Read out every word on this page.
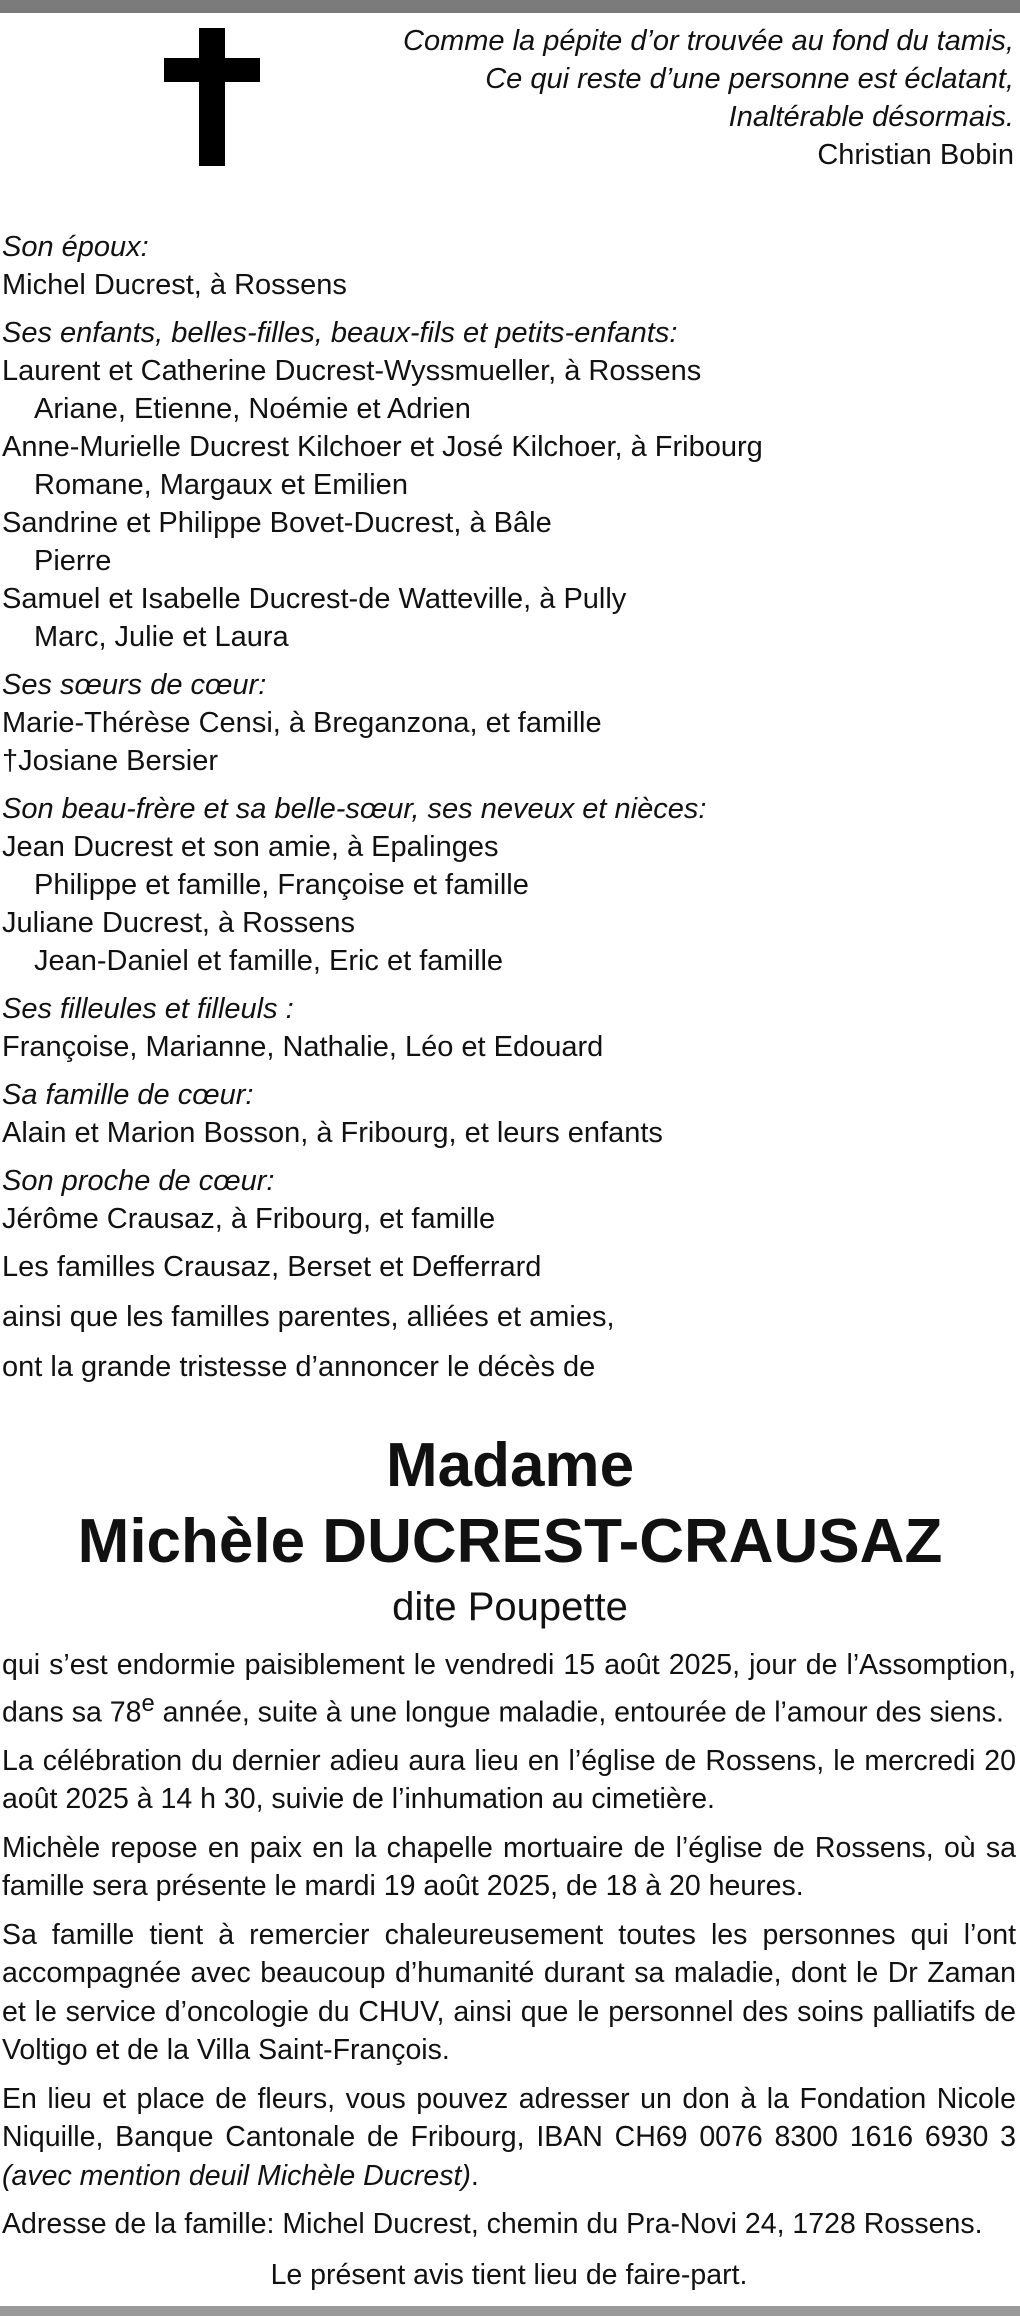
Comme la pépite d’or trouvée au fond du tamis,
Ce qui reste d’une personne est éclatant,
Inaltérable désormais.
Christian Bobin
Son époux:
Michel Ducrest, à Rossens
Ses enfants, belles-filles, beaux-fils et petits-enfants:
Laurent et Catherine Ducrest-Wyssmueller, à Rossens
Ariane, Etienne, Noémie et Adrien
Anne-Murielle Ducrest Kilchoer et José Kilchoer, à Fribourg
Romane, Margaux et Emilien
Sandrine et Philippe Bovet-Ducrest, à Bâle
Pierre
Samuel et Isabelle Ducrest-de Watteville, à Pully
Marc, Julie et Laura
Ses sœurs de cœur:
Marie-Thérèse Censi, à Breganzona, et famille
†Josiane Bersier
Son beau-frère et sa belle-sœur, ses neveux et nièces:
Jean Ducrest et son amie, à Epalinges
Philippe et famille, Françoise et famille
Juliane Ducrest, à Rossens
Jean-Daniel et famille, Eric et famille
Ses filleules et filleuls :
Françoise, Marianne, Nathalie, Léo et Edouard
Sa famille de cœur:
Alain et Marion Bosson, à Fribourg, et leurs enfants
Son proche de cœur:
Jérôme Crausaz, à Fribourg, et famille
Les familles Crausaz, Berset et Defferrard
ainsi que les familles parentes, alliées et amies,
ont la grande tristesse d’annoncer le décès de
Madame
Michèle DUCREST-CRAUSAZ
dite Poupette

qui s’est endormie paisiblement le vendredi 15 août 2025, jour de l’Assomption, dans sa 78e année, suite à une longue maladie, entourée de l’amour des siens.

La célébration du dernier adieu aura lieu en l’église de Rossens, le mercredi 20 août 2025 à 14 h 30, suivie de l’inhumation au cimetière.

Michèle repose en paix en la chapelle mortuaire de l’église de Rossens, où sa famille sera présente le mardi 19 août 2025, de 18 à 20 heures.

Sa famille tient à remercier chaleureusement toutes les personnes qui l’ont accompagnée avec beaucoup d’humanité durant sa maladie, dont le Dr Zaman et le service d’oncologie du CHUV, ainsi que le personnel des soins palliatifs de Voltigo et de la Villa Saint-François.

En lieu et place de fleurs, vous pouvez adresser un don à la Fondation Nicole Niquille, Banque Cantonale de Fribourg, IBAN CH69 0076 8300 1616 6930 3 (avec mention deuil Michèle Ducrest).

Adresse de la famille: Michel Ducrest, chemin du Pra-Novi 24, 1728 Rossens.

Le présent avis tient lieu de faire-part.
